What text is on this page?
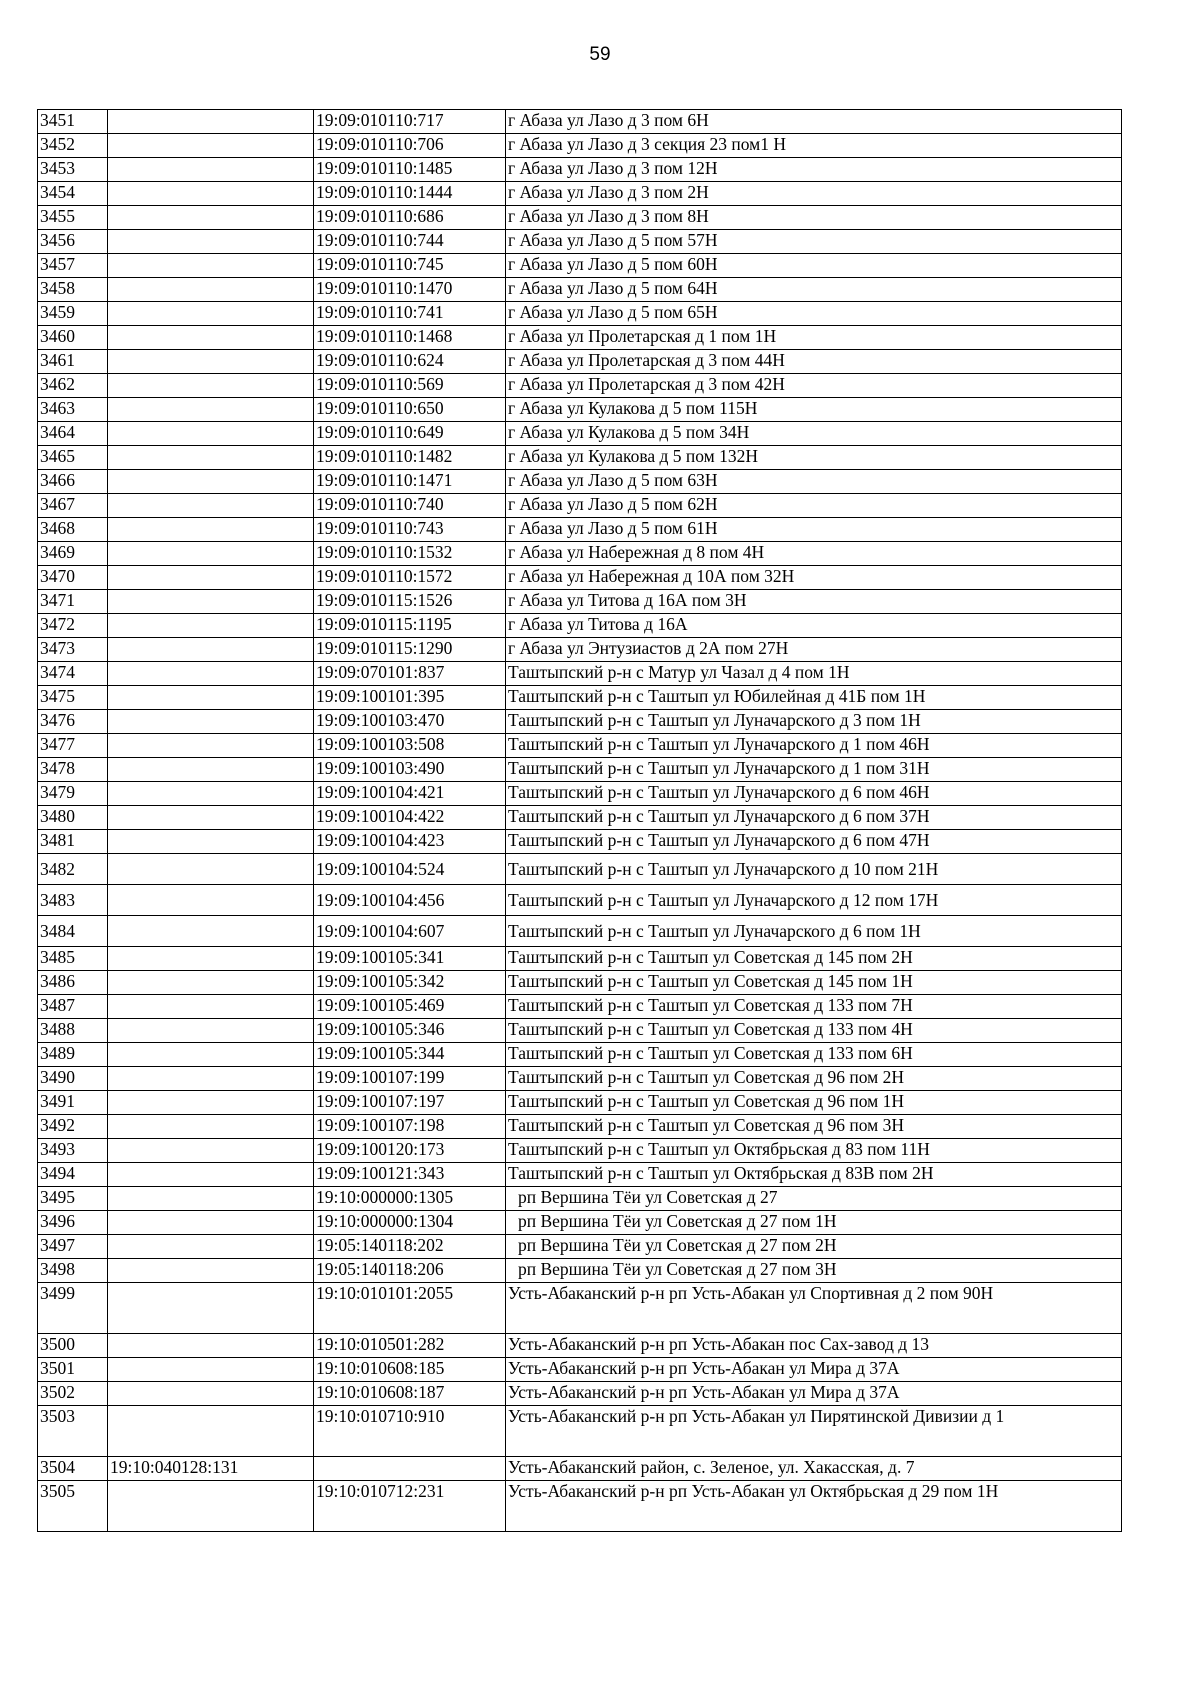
59
3451		19:09:010110:717	г Абаза ул Лазо д 3 пом 6Н
3452		19:09:010110:706	г Абаза ул Лазо д 3 секция 23 пом1 Н
3453		19:09:010110:1485	г Абаза ул Лазо д 3 пом 12Н
3454		19:09:010110:1444	г Абаза ул Лазо д 3 пом 2Н
3455		19:09:010110:686	г Абаза ул Лазо д 3 пом 8Н
3456		19:09:010110:744	г Абаза ул Лазо д 5 пом 57Н
3457		19:09:010110:745	г Абаза ул Лазо д 5 пом 60Н
3458		19:09:010110:1470	г Абаза ул Лазо д 5 пом 64Н
3459		19:09:010110:741	г Абаза ул Лазо д 5 пом 65Н
3460		19:09:010110:1468	г Абаза ул Пролетарская д 1 пом 1Н
3461		19:09:010110:624	г Абаза ул Пролетарская д 3 пом 44Н
3462		19:09:010110:569	г Абаза ул Пролетарская д 3 пом 42Н
3463		19:09:010110:650	г Абаза ул Кулакова д 5 пом 115Н
3464		19:09:010110:649	г Абаза ул Кулакова д 5 пом 34Н
3465		19:09:010110:1482	г Абаза ул Кулакова д 5 пом 132Н
3466		19:09:010110:1471	г Абаза ул Лазо д 5 пом 63Н
3467		19:09:010110:740	г Абаза ул Лазо д 5 пом 62Н
3468		19:09:010110:743	г Абаза ул Лазо д 5 пом 61Н
3469		19:09:010110:1532	г Абаза ул Набережная д 8 пом 4Н
3470		19:09:010110:1572	г Абаза ул Набережная д 10А пом 32Н
3471		19:09:010115:1526	г Абаза ул Титова д 16А пом 3Н
3472		19:09:010115:1195	г Абаза ул Титова д 16А
3473		19:09:010115:1290	г Абаза ул Энтузиастов д 2А пом 27Н
3474		19:09:070101:837	Таштыпский р-н с Матур ул Чазал д 4 пом 1Н
3475		19:09:100101:395	Таштыпский р-н с Таштып ул Юбилейная д 41Б пом 1Н
3476		19:09:100103:470	Таштыпский р-н с Таштып ул Луначарского д 3 пом 1Н
3477		19:09:100103:508	Таштыпский р-н с Таштып ул Луначарского д 1 пом 46Н
3478		19:09:100103:490	Таштыпский р-н с Таштып ул Луначарского д 1 пом 31Н
3479		19:09:100104:421	Таштыпский р-н с Таштып ул Луначарского д 6 пом 46Н
3480		19:09:100104:422	Таштыпский р-н с Таштып ул Луначарского д 6 пом 37Н
3481		19:09:100104:423	Таштыпский р-н с Таштып ул Луначарского д 6 пом 47Н
3482		19:09:100104:524	Таштыпский р-н с Таштып ул Луначарского д 10 пом 21Н
3483		19:09:100104:456	Таштыпский р-н с Таштып ул Луначарского д 12 пом 17Н
3484		19:09:100104:607	Таштыпский р-н с Таштып ул Луначарского д 6 пом 1Н
3485		19:09:100105:341	Таштыпский р-н с Таштып ул Советская д 145 пом 2Н
3486		19:09:100105:342	Таштыпский р-н с Таштып ул Советская д 145 пом 1Н
3487		19:09:100105:469	Таштыпский р-н с Таштып ул Советская д 133 пом 7Н
3488		19:09:100105:346	Таштыпский р-н с Таштып ул Советская д 133 пом 4Н
3489		19:09:100105:344	Таштыпский р-н с Таштып ул Советская д 133 пом 6Н
3490		19:09:100107:199	Таштыпский р-н с Таштып ул Советская д 96 пом 2Н
3491		19:09:100107:197	Таштыпский р-н с Таштып ул Советская д 96 пом 1Н
3492		19:09:100107:198	Таштыпский р-н с Таштып ул Советская д 96 пом 3Н
3493		19:09:100120:173	Таштыпский р-н с Таштып ул Октябрьская д 83 пом 11Н
3494		19:09:100121:343	Таштыпский р-н с Таштып ул Октябрьская д 83В пом 2Н
3495		19:10:000000:1305	рп Вершина Тёи ул Советская д 27
3496		19:10:000000:1304	рп Вершина Тёи ул Советская д 27 пом 1Н
3497		19:05:140118:202	рп Вершина Тёи ул Советская д 27 пом 2Н
3498		19:05:140118:206	рп Вершина Тёи ул Советская д 27 пом 3Н
3499		19:10:010101:2055	Усть-Абаканский р-н рп Усть-Абакан ул Спортивная д 2 пом 90Н
3500		19:10:010501:282	Усть-Абаканский р-н рп Усть-Абакан пос Сах-завод д 13
3501		19:10:010608:185	Усть-Абаканский р-н рп Усть-Абакан ул Мира д 37А
3502		19:10:010608:187	Усть-Абаканский р-н рп Усть-Абакан ул Мира д 37А
3503		19:10:010710:910	Усть-Абаканский р-н рп Усть-Абакан ул Пирятинской Дивизии д 1
3504	19:10:040128:131		Усть-Абаканский район, с. Зеленое, ул. Хакасская, д. 7
3505		19:10:010712:231	Усть-Абаканский р-н рп Усть-Абакан ул Октябрьская д 29 пом 1Н
